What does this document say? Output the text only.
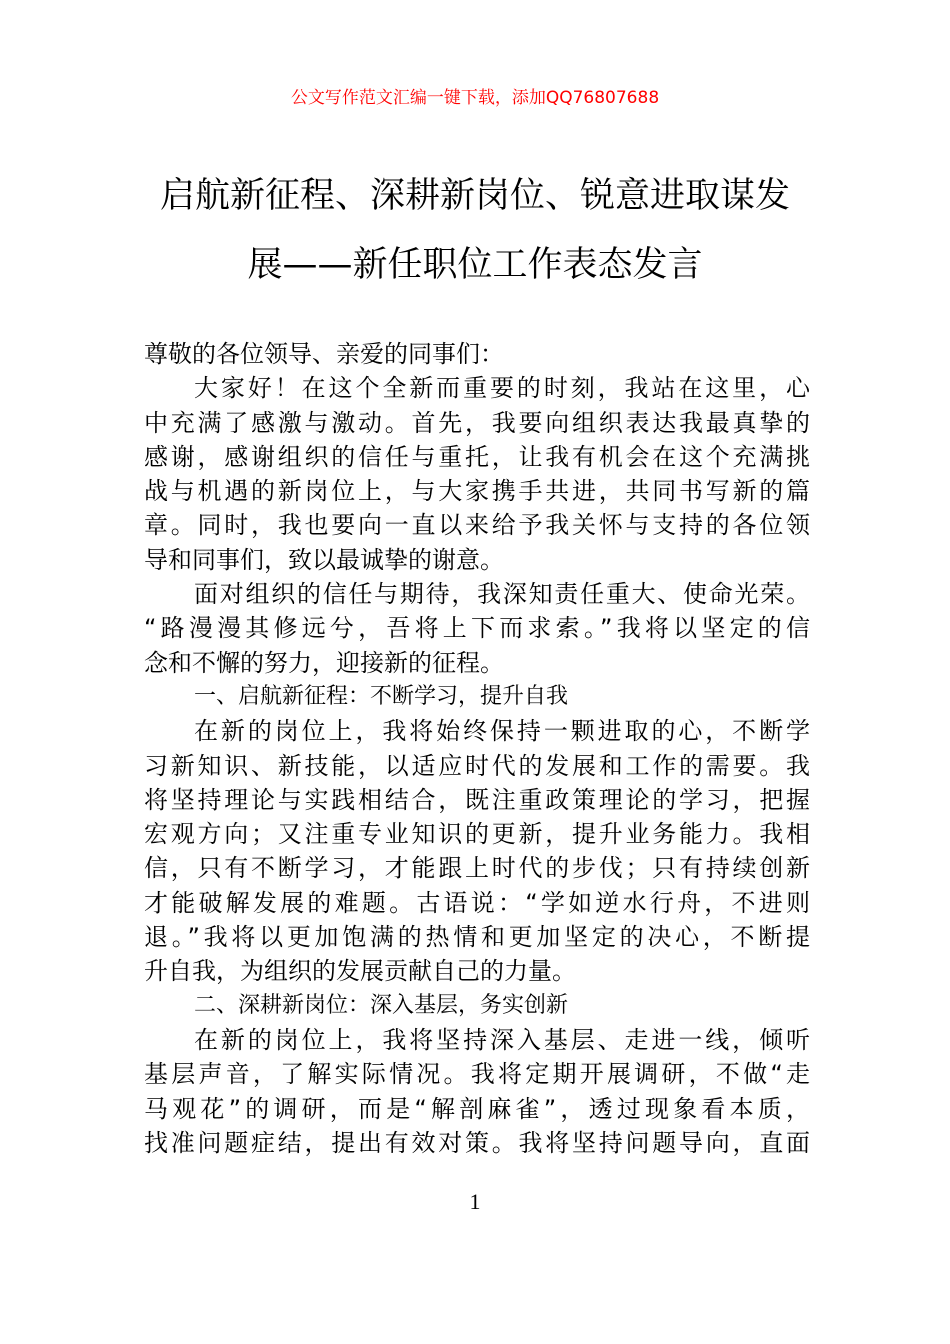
公文写作范文汇编一键下载，添加QQ76807688
启航新征程、深耕新岗位、锐意进取谋发
展——新任职位工作表态发言
尊敬的各位领导、亲爱的同事们：
大家好！在这个全新而重要的时刻，我站在这里，心
中充满了感激与激动。首先，我要向组织表达我最真挚的
感谢，感谢组织的信任与重托，让我有机会在这个充满挑
战与机遇的新岗位上，与大家携手共进，共同书写新的篇
章。同时，我也要向一直以来给予我关怀与支持的各位领
导和同事们，致以最诚挚的谢意。
面对组织的信任与期待，我深知责任重大、使命光荣。
“路漫漫其修远兮，吾将上下而求索。”我将以坚定的信
念和不懈的努力，迎接新的征程。
一、启航新征程：不断学习，提升自我
在新的岗位上，我将始终保持一颗进取的心，不断学
习新知识、新技能，以适应时代的发展和工作的需要。我
将坚持理论与实践相结合，既注重政策理论的学习，把握
宏观方向；又注重专业知识的更新，提升业务能力。我相
信，只有不断学习，才能跟上时代的步伐；只有持续创新
才能破解发展的难题。古语说：“学如逆水行舟，不进则
退。”我将以更加饱满的热情和更加坚定的决心，不断提
升自我，为组织的发展贡献自己的力量。
二、深耕新岗位：深入基层，务实创新
在新的岗位上，我将坚持深入基层、走进一线，倾听
基层声音，了解实际情况。我将定期开展调研，不做“走
马观花”的调研，而是“解剖麻雀”，透过现象看本质，
找准问题症结，提出有效对策。我将坚持问题导向，直面
1
